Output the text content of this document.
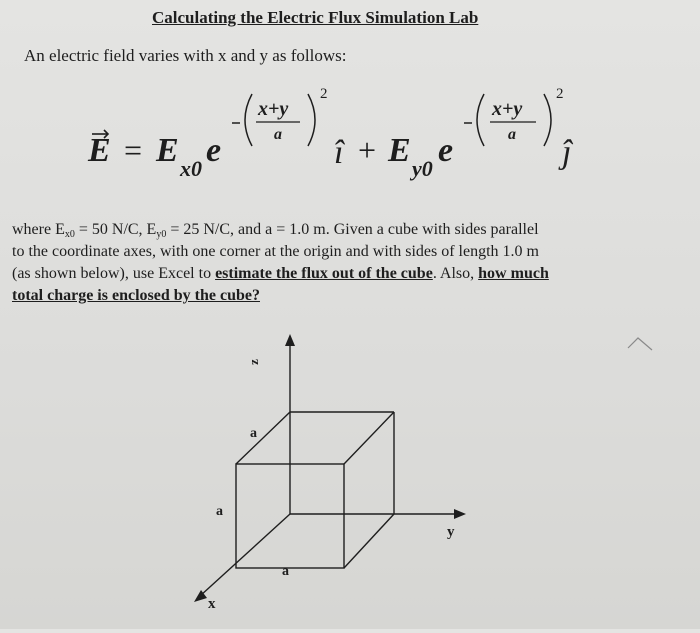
Calculating the Electric Flux Simulation Lab
An electric field varies with x and y as follows:
E = E x0 e
x+y
a
2
î + E y0 e
x+y
a
2
ĵ
where $E_{x0} = 50$ N/C, $E_{y0} = 25$ N/C, and a = 1.0 m. Given a cube with sides parallel
to the coordinate axes, with one corner at the origin and with sides of length 1.0 m
(as shown below), use Excel to estimate the flux out of the cube. Also, how much
total charge is enclosed by the cube?
z
y
x
a
a
a
